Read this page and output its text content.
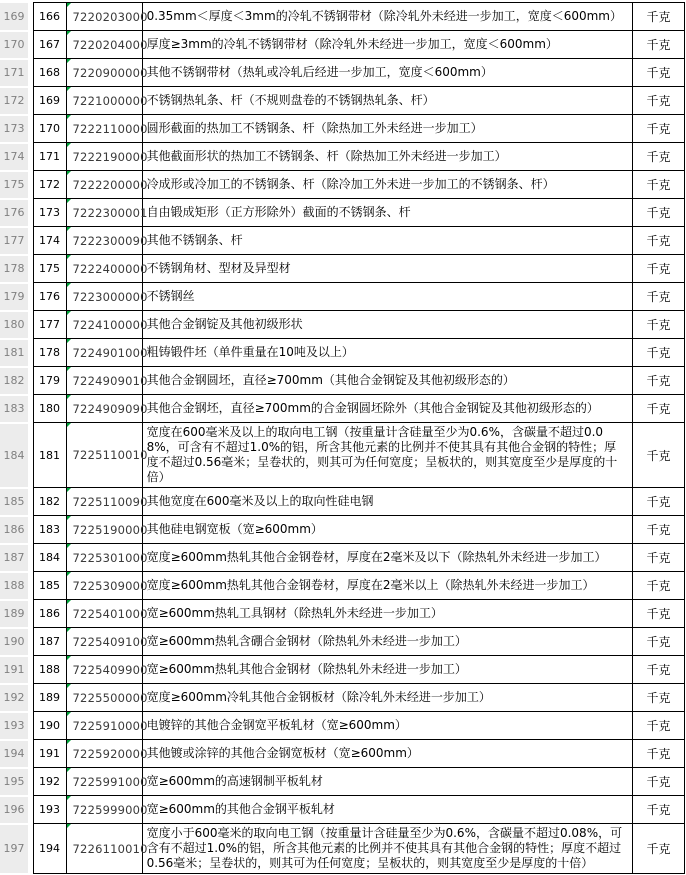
169		166	7220203000	0.35mm＜厚度＜3mm的冷轧不锈钢带材（除冷轧外未经进一步加工，宽度＜600mm）	千克
170		167	7220204000	厚度≥3mm的冷轧不锈钢带材（除冷轧外未经进一步加工，宽度＜600mm）	千克
171		168	7220900000	其他不锈钢带材（热轧或冷轧后经进一步加工，宽度＜600mm）	千克
172		169	7221000000	不锈钢热轧条、杆（不规则盘卷的不锈钢热轧条、杆）	千克
173		170	7222110000	圆形截面的热加工不锈钢条、杆（除热加工外未经进一步加工）	千克
174		171	7222190000	其他截面形状的热加工不锈钢条、杆（除热加工外未经进一步加工）	千克
175		172	7222200000	冷成形或冷加工的不锈钢条、杆（除冷加工外未进一步加工的不锈钢条、杆）	千克
176		173	7222300001	自由锻成矩形（正方形除外）截面的不锈钢条、杆	千克
177		174	7222300090	其他不锈钢条、杆	千克
178		175	7222400000	不锈钢角材、型材及异型材	千克
179		176	7223000000	不锈钢丝	千克
180		177	7224100000	其他合金钢锭及其他初级形状	千克
181		178	7224901000	粗铸锻件坯（单件重量在10吨及以上）	千克
182		179	7224909010	其他合金钢圆坯，直径≥700mm（其他合金钢锭及其他初级形态的）	千克
183		180	7224909090	其他合金钢坯，直径≥700mm的合金钢圆坯除外（其他合金钢锭及其他初级形态的）	千克
184		181	7225110010	宽度在600毫米及以上的取向电工钢（按重量计含硅量至少为0.6%，含碳量不超过0.08%，可含有不超过1.0%的铝，所含其他元素的比例并不使其具有其他合金钢的特性；厚度不超过0.56毫米；呈卷状的，则其可为任何宽度；呈板状的，则其宽度至少是厚度的十倍）	千克
185		182	7225110090	其他宽度在600毫米及以上的取向性硅电钢	千克
186		183	7225190000	其他硅电钢宽板（宽≥600mm）	千克
187		184	7225301000	宽度≥600mm热轧其他合金钢卷材，厚度在2毫米及以下（除热轧外未经进一步加工）	千克
188		185	7225309000	宽度≥600mm热轧其他合金钢卷材，厚度在2毫米以上（除热轧外未经进一步加工）	千克
189		186	7225401000	宽≥600mm热轧工具钢材（除热轧外未经进一步加工）	千克
190		187	7225409100	宽≥600mm热轧含硼合金钢材（除热轧外未经进一步加工）	千克
191		188	7225409900	宽≥600mm热轧其他合金钢材（除热轧外未经进一步加工）	千克
192		189	7225500000	宽度≥600mm冷轧其他合金钢板材（除冷轧外未经进一步加工）	千克
193		190	7225910000	电镀锌的其他合金钢宽平板轧材（宽≥600mm）	千克
194		191	7225920000	其他镀或涂锌的其他合金钢宽板材（宽≥600mm）	千克
195		192	7225991000	宽≥600mm的高速钢制平板轧材	千克
196		193	7225999000	宽≥600mm的其他合金钢平板轧材	千克
197		194	7226110010	宽度小于600毫米的取向电工钢（按重量计含硅量至少为0.6%，含碳量不超过0.08%，可含有不超过1.0%的铝，所含其他元素的比例并不使其具有其他合金钢的特性；厚度不超过0.56毫米；呈卷状的，则其可为任何宽度；呈板状的，则其宽度至少是厚度的十倍）	千克
